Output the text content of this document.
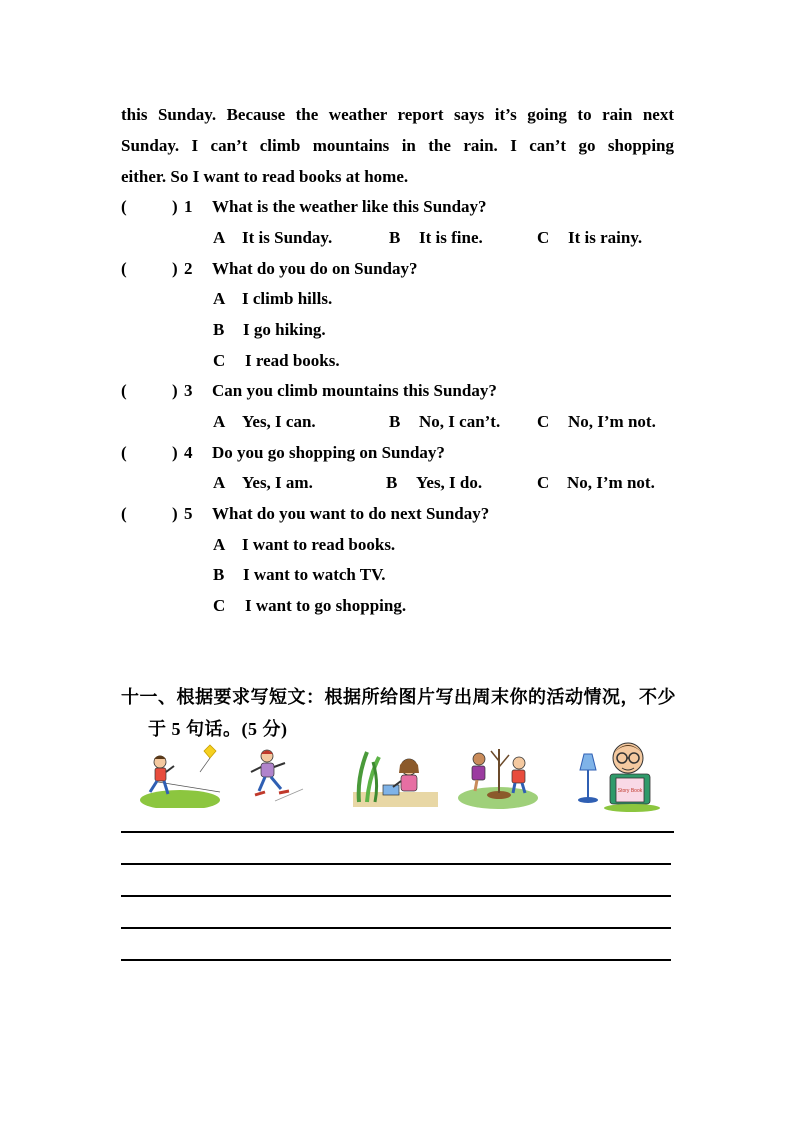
this Sunday. Because the weather report says it’s going to rain next
Sunday. I can’t climb mountains in the rain. I can’t go shopping
either. So I want to read books at home.
(	) 1 What is the weather like this Sunday?
A It is Sunday.	B It is fine.	C It is rainy.
(	) 2 What do you do on Sunday?
A I climb hills.
B I go hiking.
C I read books.
(	) 3 Can you climb mountains this Sunday?
A Yes, I can.	B No, I can’t. C No, I’m not.
(	) 4 Do you go shopping on Sunday?
A Yes, I am.	B Yes, I do.	C No, I’m not.
(	) 5 What do you want to do next Sunday?
A I want to read books.
B I want to watch TV.
C I want to go shopping.
十一、根据要求写短文：根据所给图片写出周末你的活动情况，不少
于 5 句话。(5 分)
Story Book
